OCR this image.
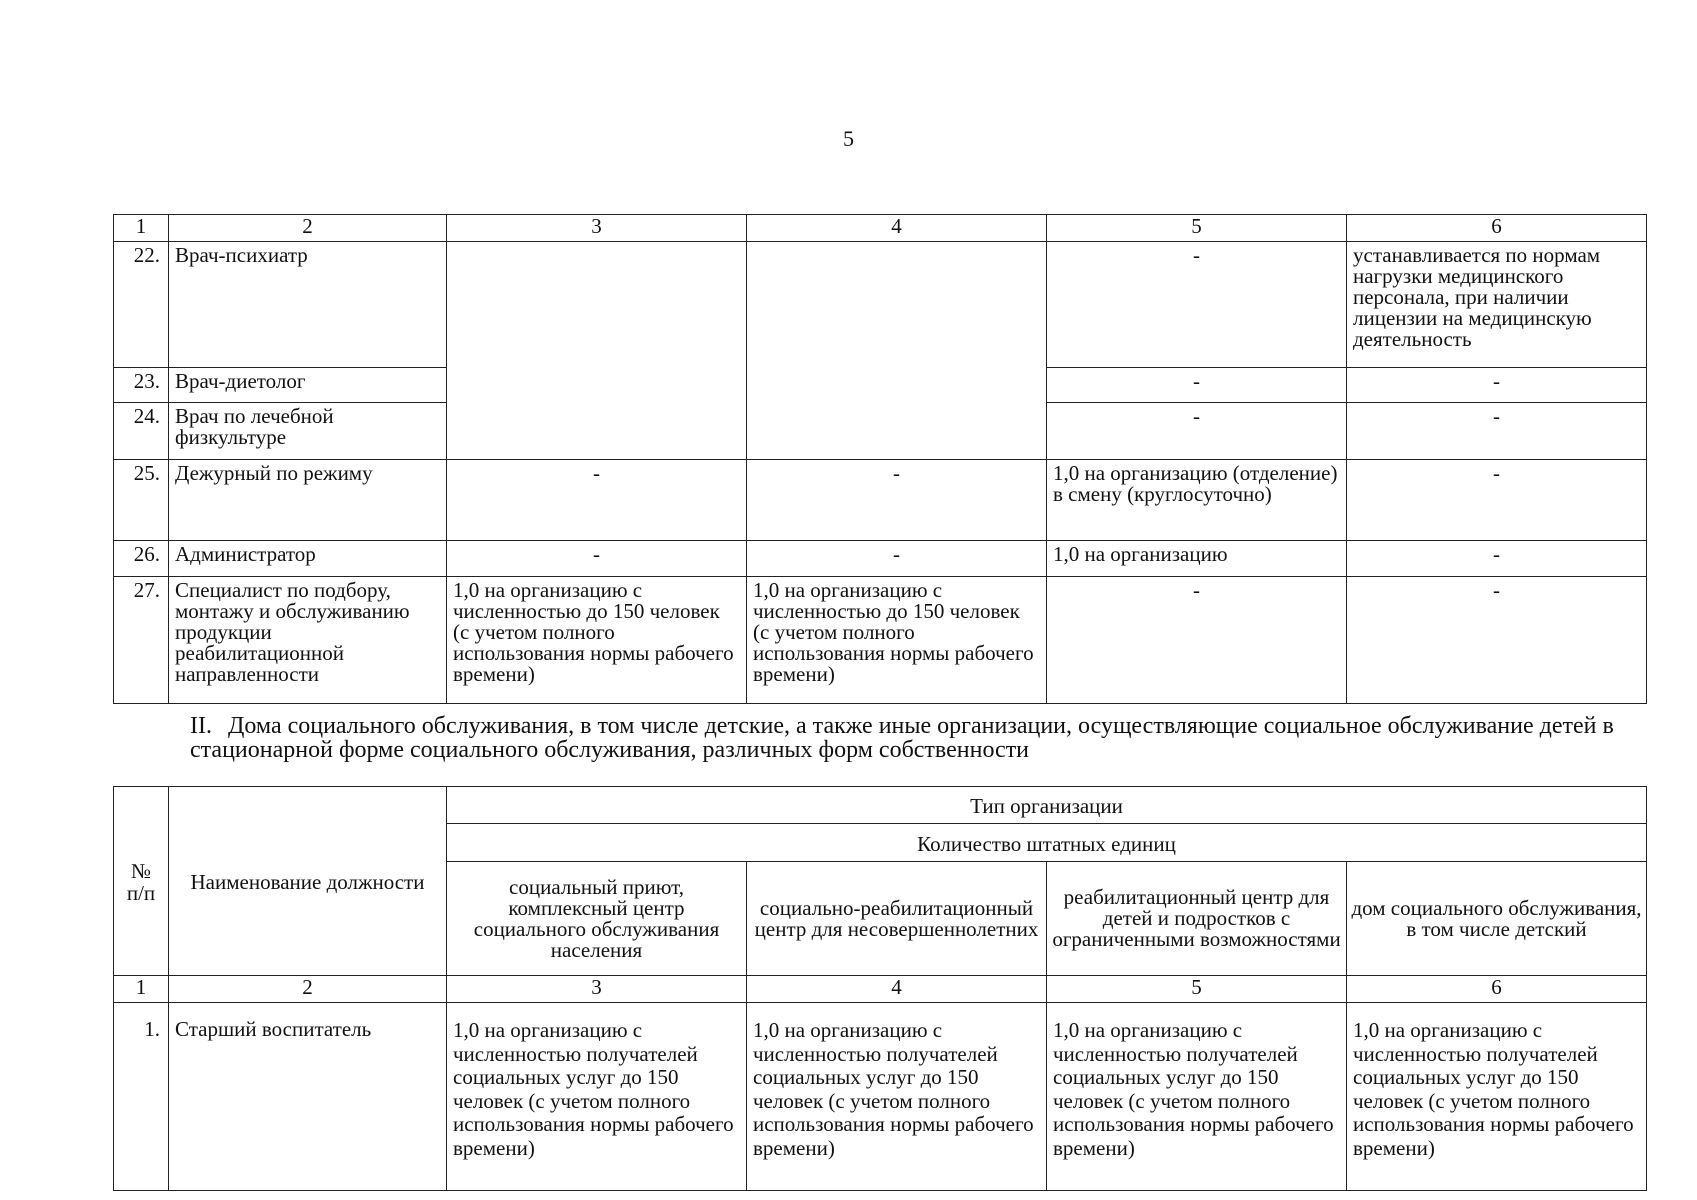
5
1	2	3	4	5	6
22.	Врач-психиатр			-	устанавливается по нормам нагрузки медицинского персонала, при наличии лицензии на медицинскую деятельность
23.	Врач-диетолог			-	-
24.	Врач по лечебной физкультуре			-	-
25.	Дежурный по режиму	-	-	1,0 на организацию (отделение) в смену (круглосуточно)	-
26.	Администратор	-	-	1,0 на организацию	-
27.	Специалист по подбору, монтажу и обслуживанию продукции реабилитационной направленности	1,0 на организацию с численностью до 150 человек (с учетом полного использования нормы рабочего времени)	1,0 на организацию с численностью до 150 человек (с учетом полного использования нормы рабочего времени)	-	-
II. Дома социального обслуживания, в том числе детские, а также иные организации, осуществляющие социальное обслуживание детей в стационарной форме социального обслуживания, различных форм собственности
№ п/п	Наименование должности	Тип организации			
		Количество штатных единиц			
		социальный приют, комплексный центр социального обслуживания населения	социально-реабилитационный центр для несовершеннолетних	реабилитационный центр для детей и подростков с ограниченными возможностями	дом социального обслуживания, в том числе детский
1	2	3	4	5	6
1.	Старший воспитатель	1,0 на организацию с численностью получателей социальных услуг до 150 человек (с учетом полного использования нормы рабочего времени)	1,0 на организацию с численностью получателей социальных услуг до 150 человек (с учетом полного использования нормы рабочего времени)	1,0 на организацию с численностью получателей социальных услуг до 150 человек (с учетом полного использования нормы рабочего времени)	1,0 на организацию с численностью получателей социальных услуг до 150 человек (с учетом полного использования нормы рабочего времени)
